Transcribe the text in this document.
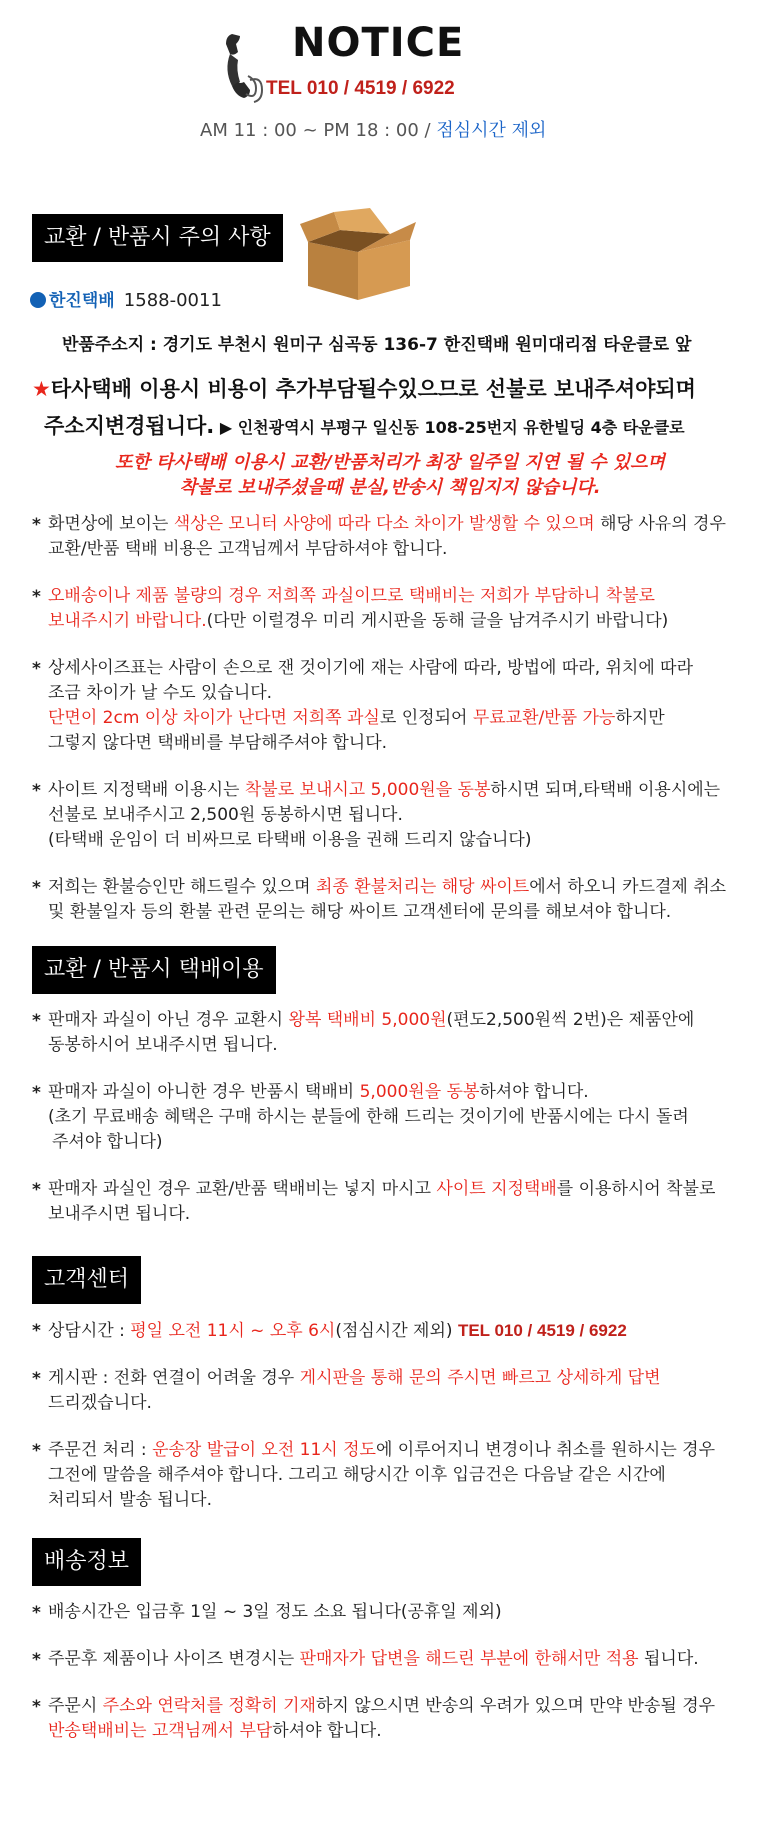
NOTICE
TEL 010 / 4519 / 6922
AM 11 : 00 ~ PM 18 : 00 / 점심시간 제외
교환 / 반품시 주의 사항
한진택배 1588-0011
반품주소지 : 경기도 부천시 원미구 심곡동 136-7 한진택배 원미대리점 타운클로 앞
★타사택배 이용시 비용이 추가부담될수있으므로 선불로 보내주셔야되며
주소지변경됩니다. ▶ 인천광역시 부평구 일신동 108-25번지 유한빌딩 4층 타운클로
또한 타사택배 이용시 교환/반품처리가 최장 일주일 지연 될 수 있으며
착불로 보내주셨을때 분실,반송시 책임지지 않습니다.

* 화면상에 보이는 색상은 모니터 사양에 따라 다소 차이가 발생할 수 있으며 해당 사유의 경우
교환/반품 택배 비용은 고객님께서 부담하셔야 합니다.

* 오배송이나 제품 불량의 경우 저희쪽 과실이므로 택배비는 저희가 부담하니 착불로
보내주시기 바랍니다.(다만 이럴경우 미리 게시판을 동해 글을 남겨주시기 바랍니다)

* 상세사이즈표는 사람이 손으로 잰 것이기에 재는 사람에 따라, 방법에 따라, 위치에 따라
조금 차이가 날 수도 있습니다.
단면이 2cm 이상 차이가 난다면 저희쪽 과실로 인정되어 무료교환/반품 가능하지만
그렇지 않다면 택배비를 부담해주셔야 합니다.

* 사이트 지정택배 이용시는 착불로 보내시고 5,000원을 동봉하시면 되며,타택배 이용시에는
선불로 보내주시고 2,500원 동봉하시면 됩니다.
(타택배 운임이 더 비싸므로 타택배 이용을 권해 드리지 않습니다)

* 저희는 환불승인만 해드릴수 있으며 최종 환불처리는 해당 싸이트에서 하오니 카드결제 취소
및 환불일자 등의 환불 관련 문의는 해당 싸이트 고객센터에 문의를 해보셔야 합니다.

교환 / 반품시 택배이용

* 판매자 과실이 아닌 경우 교환시 왕복 택배비 5,000원(편도2,500원씩 2번)은 제품안에
동봉하시어 보내주시면 됩니다.

* 판매자 과실이 아니한 경우 반품시 택배비 5,000원을 동봉하셔야 합니다.
(초기 무료배송 혜택은 구매 하시는 분들에 한해 드리는 것이기에 반품시에는 다시 돌려
주셔야 합니다)

* 판매자 과실인 경우 교환/반품 택배비는 넣지 마시고 사이트 지정택배를 이용하시어 착불로
보내주시면 됩니다.

고객센터

* 상담시간 : 평일 오전 11시 ~ 오후 6시(점심시간 제외) TEL 010 / 4519 / 6922

* 게시판 : 전화 연결이 어려울 경우 게시판을 통해 문의 주시면 빠르고 상세하게 답변
드리겠습니다.

* 주문건 처리 : 운송장 발급이 오전 11시 정도에 이루어지니 변경이나 취소를 원하시는 경우
그전에 말씀을 해주셔야 합니다. 그리고 해당시간 이후 입금건은 다음날 같은 시간에
처리되서 발송 됩니다.

배송정보

* 배송시간은 입금후 1일 ~ 3일 정도 소요 됩니다(공휴일 제외)

* 주문후 제품이나 사이즈 변경시는 판매자가 답변을 해드린 부분에 한해서만 적용 됩니다.

* 주문시 주소와 연락처를 정확히 기재하지 않으시면 반송의 우려가 있으며 만약 반송될 경우
반송택배비는 고객님께서 부담하셔야 합니다.
